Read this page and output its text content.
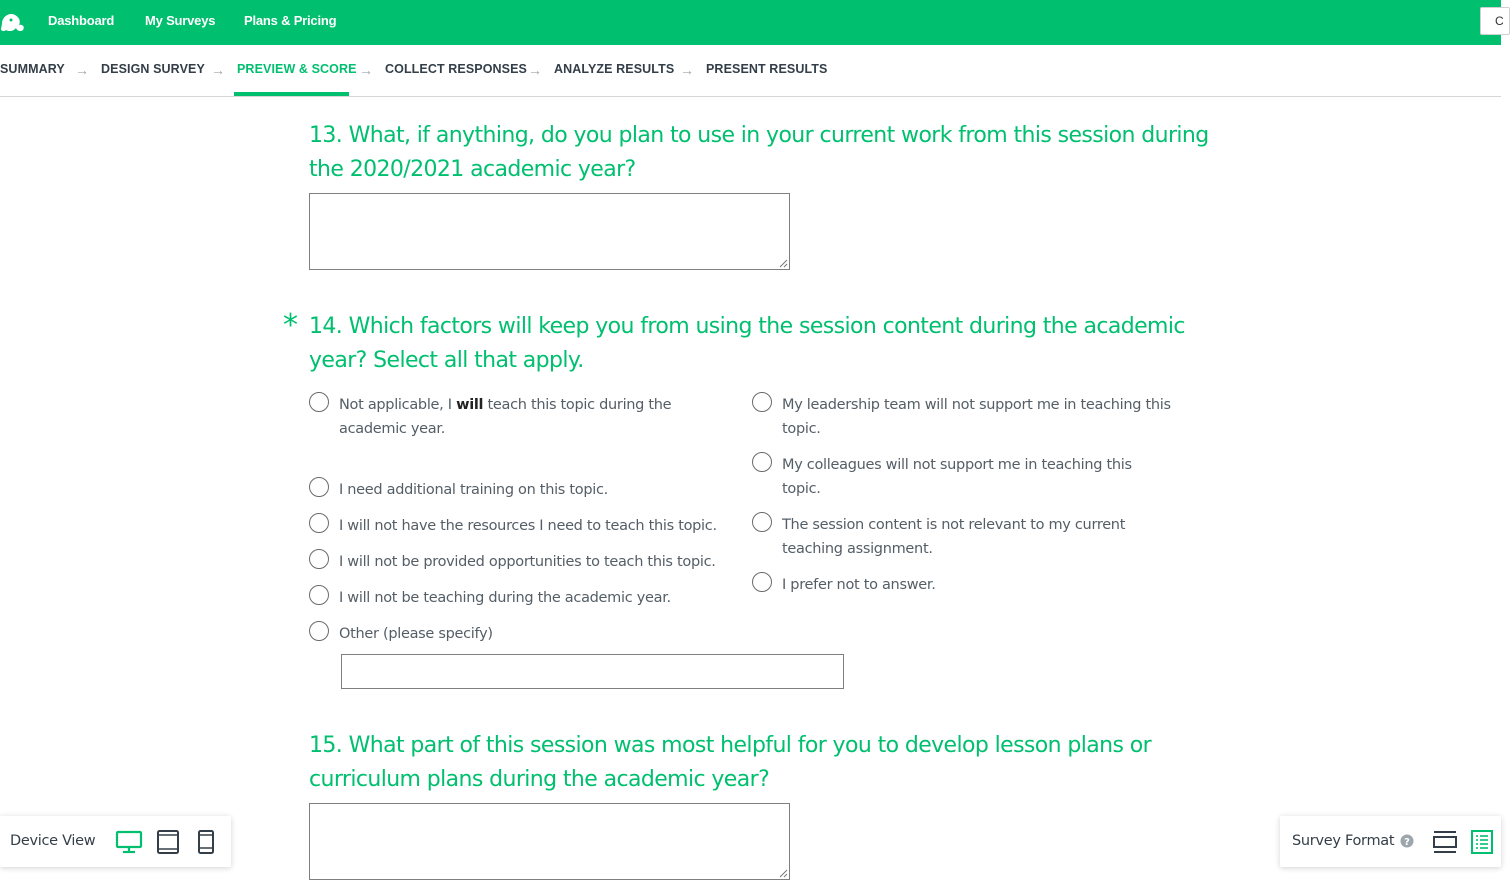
Dashboard My Surveys Plans & Pricing	C
SUMMARY → DESIGN SURVEY → PREVIEW & SCORE → COLLECT RESPONSES → ANALYZE RESULTS → PRESENT RESULTS
13. What, if anything, do you plan to use in your current work from this session during
the 2020/2021 academic year?
* 14. Which factors will keep you from using the session content during the academic
year? Select all that apply.
Not applicable, I will teach this topic during the
academic year.
I need additional training on this topic.
I will not have the resources I need to teach this topic.
I will not be provided opportunities to teach this topic.
I will not be teaching during the academic year.
Other (please specify)
My leadership team will not support me in teaching this
topic.
My colleagues will not support me in teaching this
topic.
The session content is not relevant to my current
teaching assignment.
I prefer not to answer.
15. What part of this session was most helpful for you to develop lesson plans or
curriculum plans during the academic year?
Device View	Survey Format ?
